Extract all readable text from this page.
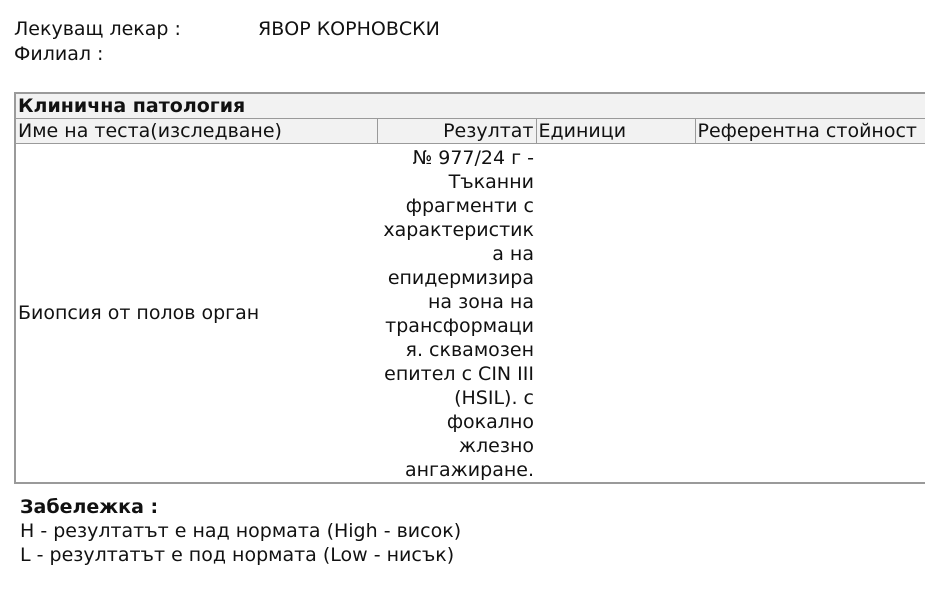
Лекуващ лекар :	ЯВОР КОРНОВСКИ
Филиал :
Клинична патология			
Име на теста(изследване)	Резултат	Единици	Референтна стойност
Биопсия от полов орган	№ 977/24 г - Тъканни фрагменти с характеристика на епидермизирана зона на трансформация. сквамозен епител с CIN III (HSIL). с фокално жлезно ангажиране.		
Забележка :
H - резултатът е над нормата (High - висок)
L - резултатът е под нормата (Low - нисък)
